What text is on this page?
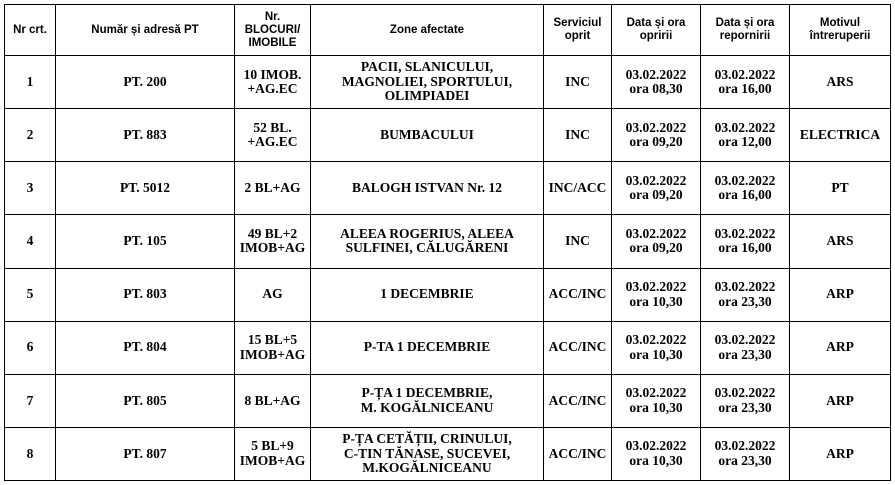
Nr crt.	Număr și adresă PT	Nr.
BLOCURI/
IMOBILE	Zone afectate	Serviciul
oprit	Data și ora
opririi	Data și ora
repornirii	Motivul
întreruperii
1	PT. 200	10 IMOB.
+AG.EC	PACII, SLANICULUI,
MAGNOLIEI, SPORTULUI,
OLIMPIADEI	INC	03.02.2022
ora 08,30	03.02.2022
ora 16,00	ARS
2	PT. 883	52 BL.
+AG.EC	BUMBACULUI	INC	03.02.2022
ora 09,20	03.02.2022
ora 12,00	ELECTRICA
3	PT. 5012	2 BL+AG	BALOGH ISTVAN Nr. 12	INC/ACC	03.02.2022
ora 09,20	03.02.2022
ora 16,00	PT
4	PT. 105	49 BL+2
IMOB+AG	ALEEA ROGERIUS, ALEEA
SULFINEI, CĂLUGĂRENI	INC	03.02.2022
ora 09,20	03.02.2022
ora 16,00	ARS
5	PT. 803	AG	1 DECEMBRIE	ACC/INC	03.02.2022
ora 10,30	03.02.2022
ora 23,30	ARP
6	PT. 804	15 BL+5
IMOB+AG	P-TA 1 DECEMBRIE	ACC/INC	03.02.2022
ora 10,30	03.02.2022
ora 23,30	ARP
7	PT. 805	8 BL+AG	P-ȚA 1 DECEMBRIE,
M. KOGĂLNICEANU	ACC/INC	03.02.2022
ora 10,30	03.02.2022
ora 23,30	ARP
8	PT. 807	5 BL+9
IMOB+AG	P-ȚA CETĂȚII, CRINULUI,
C-TIN TĂNASE, SUCEVEI,
M.KOGĂLNICEANU	ACC/INC	03.02.2022
ora 10,30	03.02.2022
ora 23,30	ARP
